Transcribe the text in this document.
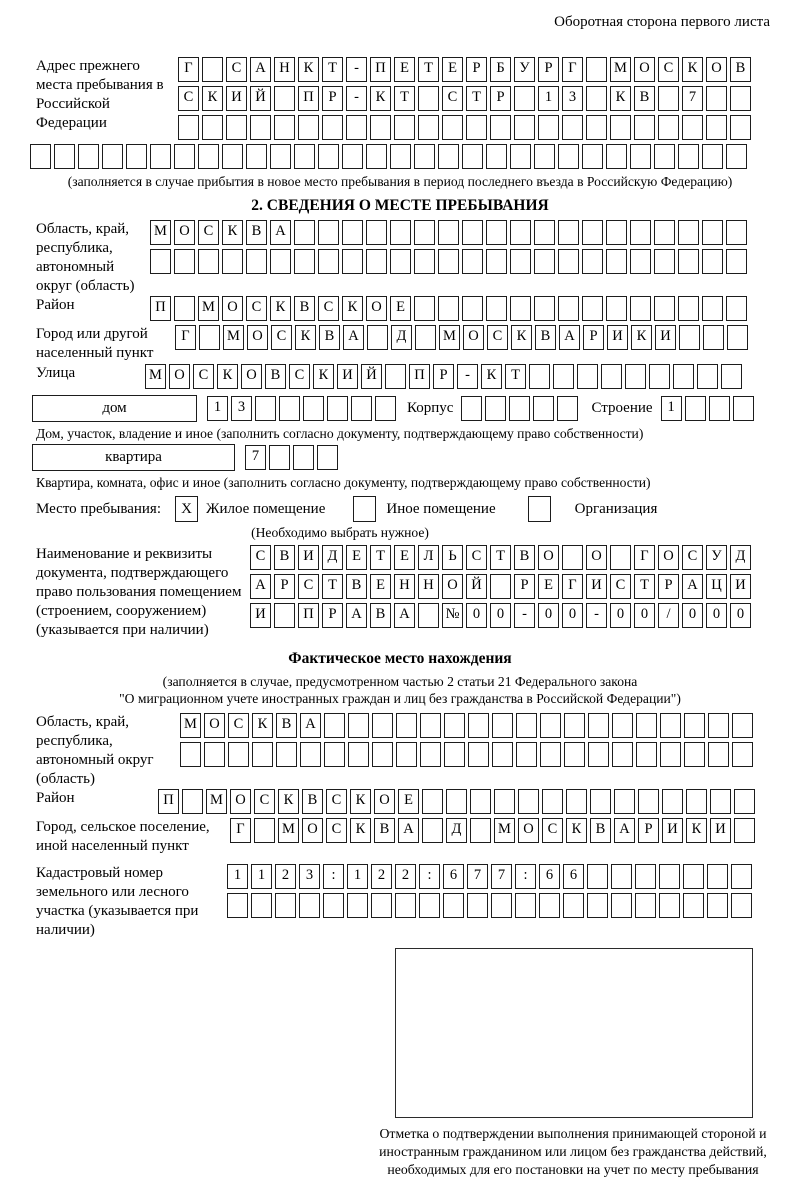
Оборотная сторона первого листа
Адрес прежнего места пребывания в Российской Федерации
Г	С А Н К Т - П Е Т Е Р Б У Р Г	М О С К О В
С К И Й	П Р - К Т	С Т Р	1 3	К В	7
(заполняется в случае прибытия в новое место пребывания в период последнего въезда в Российскую Федерацию)
2. СВЕДЕНИЯ О МЕСТЕ ПРЕБЫВАНИЯ
Область, край, республика, автономный округ (область)
М О С К В А
Район	П	М О С К В С К О Е
Город или другой населенный пункт
Г	М О С К В А	Д	М О С К В А Р И К И
Улица	М О С К О В С К И Й	П Р - К Т
дом	1 3	Корпус	Строение	1
Дом, участок, владение и иное (заполнить согласно документу, подтверждающему право собственности)
квартира	7
Квартира, комната, офис и иное (заполнить согласно документу, подтверждающему право собственности)
Место пребывания:	X Жилое помещение	Иное помещение	Организация
(Необходимо выбрать нужное)
Наименование и реквизиты документа, подтверждающего право пользования помещением (строением, сооружением) (указывается при наличии)
С В И Д Е Т Е Л Ь С Т В О	О	Г О С У Д
А Р С Т В Е Н Н О Й	Р Е Г И С Т Р А Ц И
И	П Р А В А № 0 0 - 0 0 - 0 0 / 0 0 0
Фактическое место нахождения
(заполняется в случае, предусмотренном частью 2 статьи 21 Федерального закона
"О миграционном учете иностранных граждан и лиц без гражданства в Российской Федерации")
Область, край, республика, автономный округ (область)
М О С К В А
Район	П	М О С К В С К О Е
Город, сельское поселение, иной населенный пункт
Г	М О С К В А	Д	М О С К В А Р И К И
Кадастровый номер земельного или лесного участка (указывается при наличии)
1 1 2 3 : 1 2 2 : 6 7 7 : 6 6
Отметка о подтверждении выполнения принимающей стороной и иностранным гражданином или лицом без гражданства действий, необходимых для его постановки на учет по месту пребывания
